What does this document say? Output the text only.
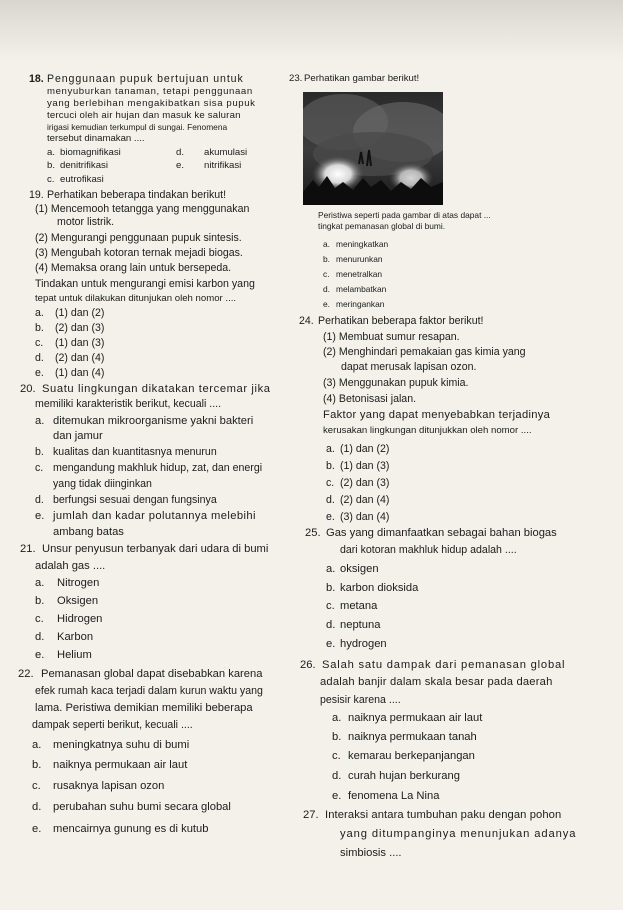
18. Penggunaan pupuk bertujuan untuk
menyuburkan tanaman, tetapi penggunaan
yang berlebihan mengakibatkan sisa pupuk
tercuci oleh air hujan dan masuk ke saluran
irigasi kemudian terkumpul di sungai. Fenomena
tersebut dinamakan ....
a. biomagnifikasi
b. denitrifikasi
c. eutrofikasi
d. akumulasi
e. nitrifikasi
19. Perhatikan beberapa tindakan berikut!
(1) Mencemooh tetangga yang menggunakan
motor listrik.
(2) Mengurangi penggunaan pupuk sintesis.
(3) Mengubah kotoran ternak mejadi biogas.
(4) Memaksa orang lain untuk bersepeda.
Tindakan untuk mengurangi emisi karbon yang
tepat untuk dilakukan ditunjukan oleh nomor ....
a. (1) dan (2)
b. (2) dan (3)
c. (1) dan (3)
d. (2) dan (4)
e. (1) dan (4)
20. Suatu lingkungan dikatakan tercemar jika
memiliki karakteristik berikut, kecuali ....
a. ditemukan mikroorganisme yakni bakteri
dan jamur
b. kualitas dan kuantitasnya menurun
c. mengandung makhluk hidup, zat, dan energi
yang tidak diinginkan
d. berfungsi sesuai dengan fungsinya
e. jumlah dan kadar polutannya melebihi
ambang batas
21. Unsur penyusun terbanyak dari udara di bumi
adalah gas ....
a. Nitrogen
b. Oksigen
c. Hidrogen
d. Karbon
e. Helium
22. Pemanasan global dapat disebabkan karena
efek rumah kaca terjadi dalam kurun waktu yang
lama. Peristiwa demikian memiliki beberapa
dampak seperti berikut, kecuali ....
a. meningkatnya suhu di bumi
b. naiknya permukaan air laut
c. rusaknya lapisan ozon
d. perubahan suhu bumi secara global
e. mencairnya gunung es di kutub
23. Perhatikan gambar berikut!
Peristiwa seperti pada gambar di atas dapat ...
tingkat pemanasan global di bumi.
a. meningkatkan
b. menurunkan
c. menetralkan
d. melambatkan
e. meringankan
24. Perhatikan beberapa faktor berikut!
(1) Membuat sumur resapan.
(2) Menghindari pemakaian gas kimia yang
dapat merusak lapisan ozon.
(3) Menggunakan pupuk kimia.
(4) Betonisasi jalan.
Faktor yang dapat menyebabkan terjadinya
kerusakan lingkungan ditunjukkan oleh nomor ....
a. (1) dan (2)
b. (1) dan (3)
c. (2) dan (3)
d. (2) dan (4)
e. (3) dan (4)
25. Gas yang dimanfaatkan sebagai bahan biogas
dari kotoran makhluk hidup adalah ....
a. oksigen
b. karbon dioksida
c. metana
d. neptuna
e. hydrogen
26. Salah satu dampak dari pemanasan global
adalah banjir dalam skala besar pada daerah
pesisir karena ....
a. naiknya permukaan air laut
b. naiknya permukaan tanah
c. kemarau berkepanjangan
d. curah hujan berkurang
e. fenomena La Nina
27. Interaksi antara tumbuhan paku dengan pohon
yang ditumpanginya menunjukan adanya
simbiosis ....
